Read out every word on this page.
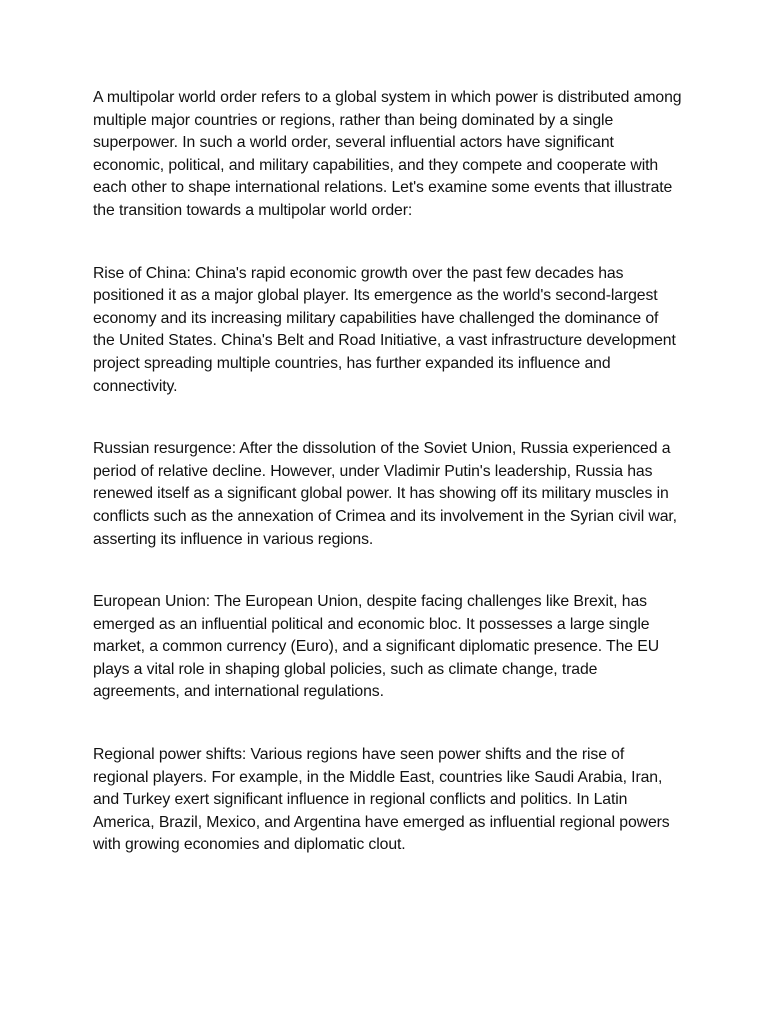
A multipolar world order refers to a global system in which power is distributed among multiple major countries or regions, rather than being dominated by a single superpower. In such a world order, several influential actors have significant economic, political, and military capabilities, and they compete and cooperate with each other to shape international relations. Let's examine some events that illustrate the transition towards a multipolar world order:

Rise of China: China's rapid economic growth over the past few decades has positioned it as a major global player. Its emergence as the world's second-largest economy and its increasing military capabilities have challenged the dominance of the United States. China's Belt and Road Initiative, a vast infrastructure development project spreading multiple countries, has further expanded its influence and connectivity.

Russian resurgence: After the dissolution of the Soviet Union, Russia experienced a period of relative decline. However, under Vladimir Putin's leadership, Russia has renewed itself as a significant global power. It has showing off its military muscles in conflicts such as the annexation of Crimea and its involvement in the Syrian civil war, asserting its influence in various regions.

European Union: The European Union, despite facing challenges like Brexit, has emerged as an influential political and economic bloc. It possesses a large single market, a common currency (Euro), and a significant diplomatic presence. The EU plays a vital role in shaping global policies, such as climate change, trade agreements, and international regulations.

Regional power shifts: Various regions have seen power shifts and the rise of regional players. For example, in the Middle East, countries like Saudi Arabia, Iran, and Turkey exert significant influence in regional conflicts and politics. In Latin America, Brazil, Mexico, and Argentina have emerged as influential regional powers with growing economies and diplomatic clout.
